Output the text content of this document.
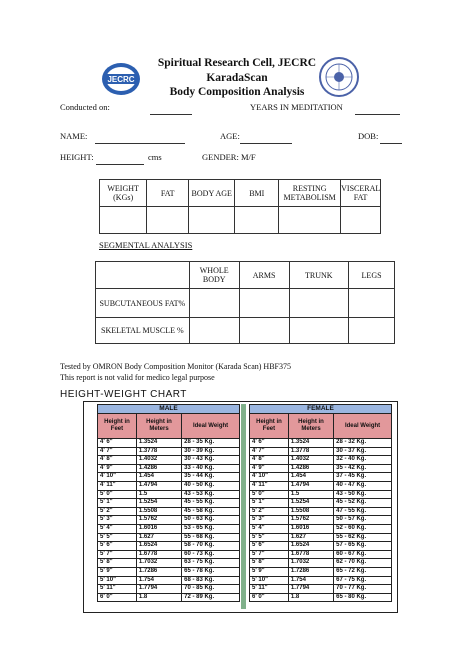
JECRC
Spiritual Research Cell, JECRC
KaradaScan
Body Composition Analysis
Conducted on:	YEARS IN MEDITATION
NAME:	AGE:	DOB:
HEIGHT:	cms	GENDER: M/F
WEIGHT (KGs)	FAT	BODY AGE	BMI	RESTING METABOLISM	VISCERAL FAT

SEGMENTAL ANALYSIS
	WHOLE BODY	ARMS	TRUNK	LEGS
SUBCUTANEOUS FAT%				
SKELETAL MUSCLE %				
Tested by OMRON Body Composition Monitor (Karada Scan) HBF375
This report is not valid for medico legal purpose
HEIGHT-WEIGHT CHART
MALE		
Height in Feet	Height in Meters	Ideal Weight
4' 6"	1.3524	28 - 35 Kg.
4' 7"	1.3778	30 - 39 Kg.
4' 8"	1.4032	30 - 43 Kg.
4' 9"	1.4286	33 - 40 Kg.
4' 10"	1.454	35 - 44 Kg.
4' 11"	1.4794	40 - 50 Kg.
5' 0"	1.5	43 - 53 Kg.
5' 1"	1.5254	45 - 55 Kg.
5' 2"	1.5508	45 - 58 Kg.
5' 3"	1.5762	50 - 63 Kg.
5' 4"	1.6016	53 - 65 Kg.
5' 5"	1.627	55 - 68 Kg.
5' 6"	1.6524	58 - 70 Kg.
5' 7"	1.6778	60 - 73 Kg.
5' 8"	1.7032	63 - 75 Kg.
5' 9"	1.7286	65 - 78 Kg.
5' 10"	1.754	68 - 83 Kg.
5' 11"	1.7794	70 - 85 Kg.
6' 0"	1.8	72 - 89 Kg.
FEMALE		
Height in Feet	Height in Meters	Ideal Weight
4' 6"	1.3524	28 - 32 Kg.
4' 7"	1.3778	30 - 37 Kg.
4' 8"	1.4032	32 - 40 Kg.
4' 9"	1.4286	35 - 42 Kg.
4' 10"	1.454	37 - 45 Kg.
4' 11"	1.4794	40 - 47 Kg.
5' 0"	1.5	43 - 50 Kg.
5' 1"	1.5254	45 - 52 Kg.
5' 2"	1.5508	47 - 55 Kg.
5' 3"	1.5762	50 - 57 Kg.
5' 4"	1.6016	52 - 60 Kg.
5' 5"	1.627	55 - 62 Kg.
5' 6"	1.6524	57 - 65 Kg.
5' 7"	1.6778	60 - 67 Kg.
5' 8"	1.7032	62 - 70 Kg.
5' 9"	1.7286	65 - 72 Kg.
5' 10"	1.754	67 - 75 Kg.
5' 11"	1.7794	70 - 77 Kg.
6' 0"	1.8	65 - 80 Kg.
